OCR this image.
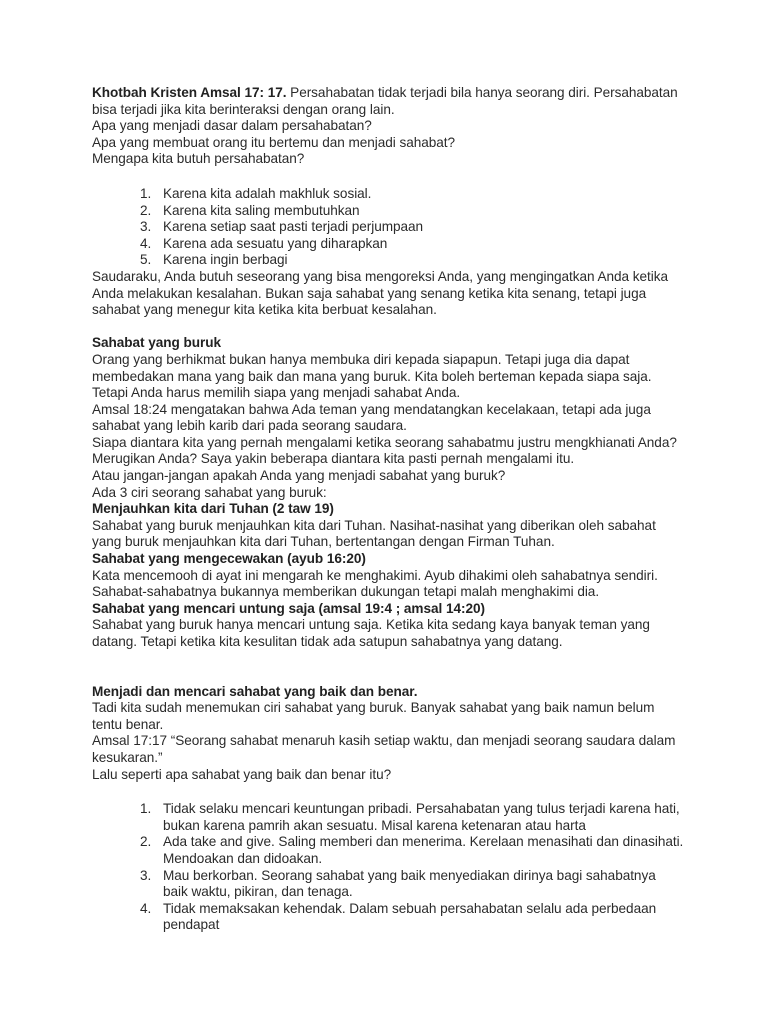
Khotbah Kristen Amsal 17: 17. Persahabatan tidak terjadi bila hanya seorang diri. Persahabatan bisa terjadi jika kita berinteraksi dengan orang lain.

Apa yang menjadi dasar dalam persahabatan?

Apa yang membuat orang itu bertemu dan menjadi sahabat?

Mengapa kita butuh persahabatan?

1. Karena kita adalah makhluk sosial.
2. Karena kita saling membutuhkan
3. Karena setiap saat pasti terjadi perjumpaan
4. Karena ada sesuatu yang diharapkan
5. Karena ingin berbagi

Saudaraku, Anda butuh seseorang yang bisa mengoreksi Anda, yang mengingatkan Anda ketika Anda melakukan kesalahan. Bukan saja sahabat yang senang ketika kita senang, tetapi juga sahabat yang menegur kita ketika kita berbuat kesalahan.

Sahabat yang buruk

Orang yang berhikmat bukan hanya membuka diri kepada siapapun. Tetapi juga dia dapat membedakan mana yang baik dan mana yang buruk. Kita boleh berteman kepada siapa saja. Tetapi Anda harus memilih siapa yang menjadi sahabat Anda.

Amsal 18:24 mengatakan bahwa Ada teman yang mendatangkan kecelakaan, tetapi ada juga sahabat yang lebih karib dari pada seorang saudara.

Siapa diantara kita yang pernah mengalami ketika seorang sahabatmu justru mengkhianati Anda? Merugikan Anda? Saya yakin beberapa diantara kita pasti pernah mengalami itu.

Atau jangan-jangan apakah Anda yang menjadi sabahat yang buruk?

Ada 3 ciri seorang sahabat yang buruk:

Menjauhkan kita dari Tuhan (2 taw 19)

Sahabat yang buruk menjauhkan kita dari Tuhan. Nasihat-nasihat yang diberikan oleh sabahat yang buruk menjauhkan kita dari Tuhan, bertentangan dengan Firman Tuhan.

Sahabat yang mengecewakan (ayub 16:20)

Kata mencemooh di ayat ini mengarah ke menghakimi. Ayub dihakimi oleh sahabatnya sendiri.

Sahabat-sahabatnya bukannya memberikan dukungan tetapi malah menghakimi dia.

Sahabat yang mencari untung saja (amsal 19:4 ; amsal 14:20)

Sahabat yang buruk hanya mencari untung saja. Ketika kita sedang kaya banyak teman yang datang. Tetapi ketika kita kesulitan tidak ada satupun sahabatnya yang datang.

Menjadi dan mencari sahabat yang baik dan benar.

Tadi kita sudah menemukan ciri sahabat yang buruk. Banyak sahabat yang baik namun belum tentu benar.

Amsal 17:17 “Seorang sahabat menaruh kasih setiap waktu, dan menjadi seorang saudara dalam kesukaran.”

Lalu seperti apa sahabat yang baik dan benar itu?

1. Tidak selaku mencari keuntungan pribadi. Persahabatan yang tulus terjadi karena hati, bukan karena pamrih akan sesuatu. Misal karena ketenaran atau harta
2. Ada take and give. Saling memberi dan menerima. Kerelaan menasihati dan dinasihati. Mendoakan dan didoakan.
3. Mau berkorban. Seorang sahabat yang baik menyediakan dirinya bagi sahabatnya baik waktu, pikiran, dan tenaga.
4. Tidak memaksakan kehendak. Dalam sebuah persahabatan selalu ada perbedaan pendapat
